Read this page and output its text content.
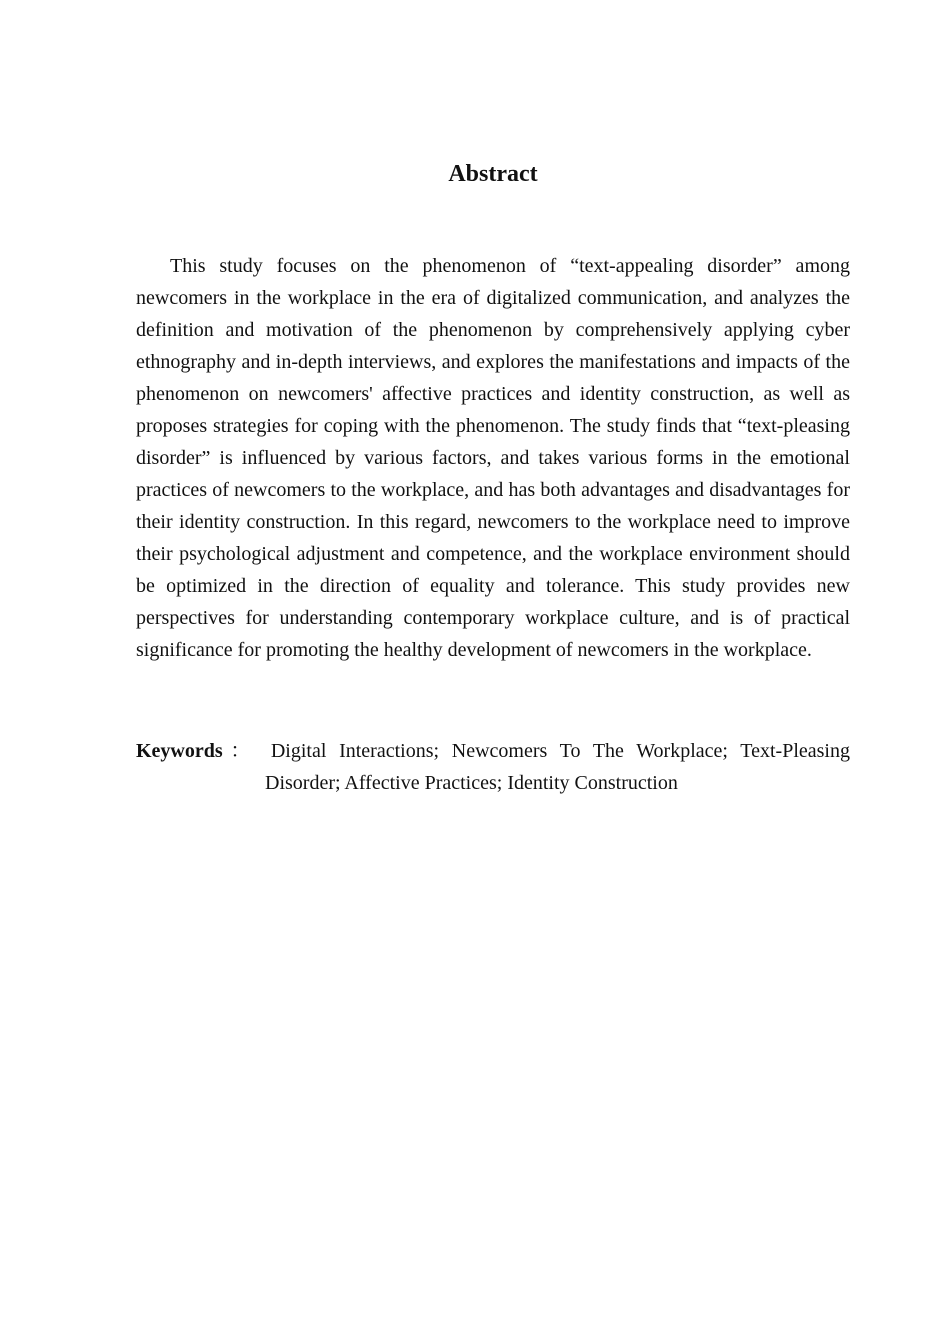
Abstract

This study focuses on the phenomenon of “text-appealing disorder” among newcomers in the workplace in the era of digitalized communication, and analyzes the definition and motivation of the phenomenon by comprehensively applying cyber ethnography and in-depth interviews, and explores the manifestations and impacts of the phenomenon on newcomers' affective practices and identity construction, as well as proposes strategies for coping with the phenomenon. The study finds that “text-pleasing disorder” is influenced by various factors, and takes various forms in the emotional practices of newcomers to the workplace, and has both advantages and disadvantages for their identity construction. In this regard, newcomers to the workplace need to improve their psychological adjustment and competence, and the workplace environment should be optimized in the direction of equality and tolerance. This study provides new perspectives for understanding contemporary workplace culture, and is of practical significance for promoting the healthy development of newcomers in the workplace.

Keywords： Digital Interactions; Newcomers To The Workplace; Text-Pleasing Disorder; Affective Practices; Identity Construction
